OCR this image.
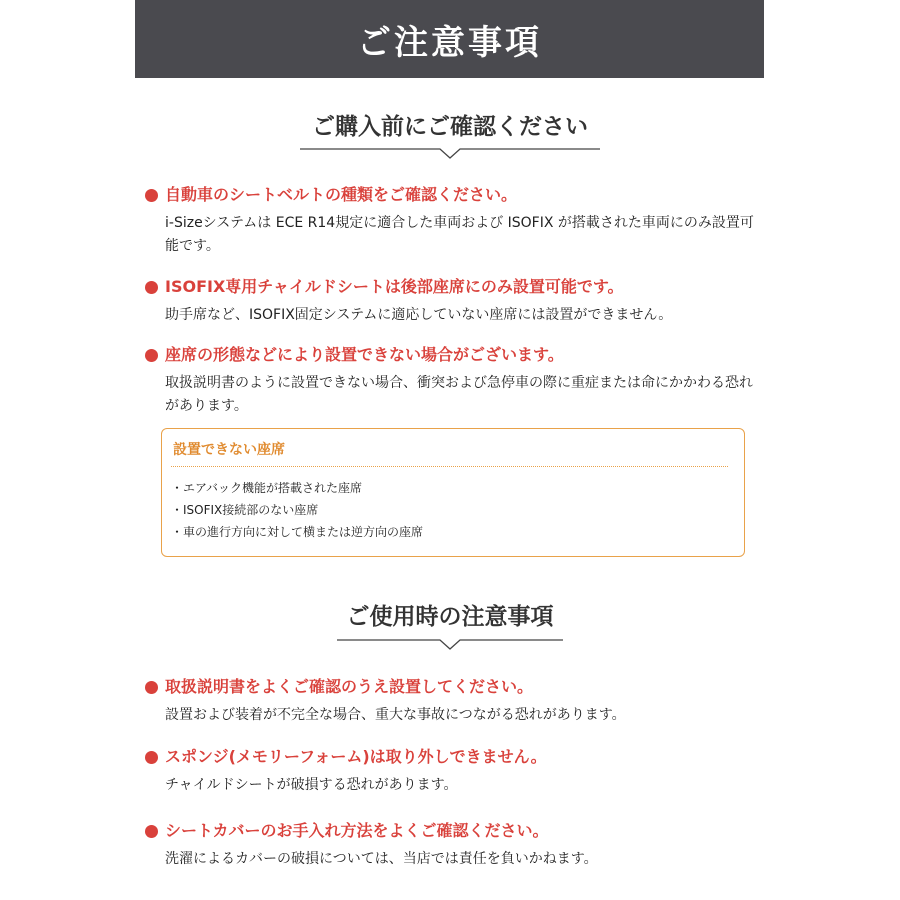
ご注意事項
ご購入前にご確認ください
自動車のシートベルトの種類をご確認ください。
i-Sizeシステムは ECE R14規定に適合した車両および ISOFIX が搭載された車両にのみ設置可能です。
ISOFIX専用チャイルドシートは後部座席にのみ設置可能です。
助手席など、ISOFIX固定システムに適応していない座席には設置ができません。
座席の形態などにより設置できない場合がございます。
取扱説明書のように設置できない場合、衝突および急停車の際に重症または命にかかわる恐れがあります。
設置できない座席
・ エアバック機能が搭載された座席
・ ISOFIX接続部のない座席
・ 車の進行方向に対して横または逆方向の座席
ご使用時の注意事項
取扱説明書をよくご確認のうえ設置してください。
設置および装着が不完全な場合、重大な事故につながる恐れがあります。
スポンジ(メモリーフォーム)は取り外しできません。
チャイルドシートが破損する恐れがあります。
シートカバーのお手入れ方法をよくご確認ください。
洗濯によるカバーの破損については、当店では責任を負いかねます。
